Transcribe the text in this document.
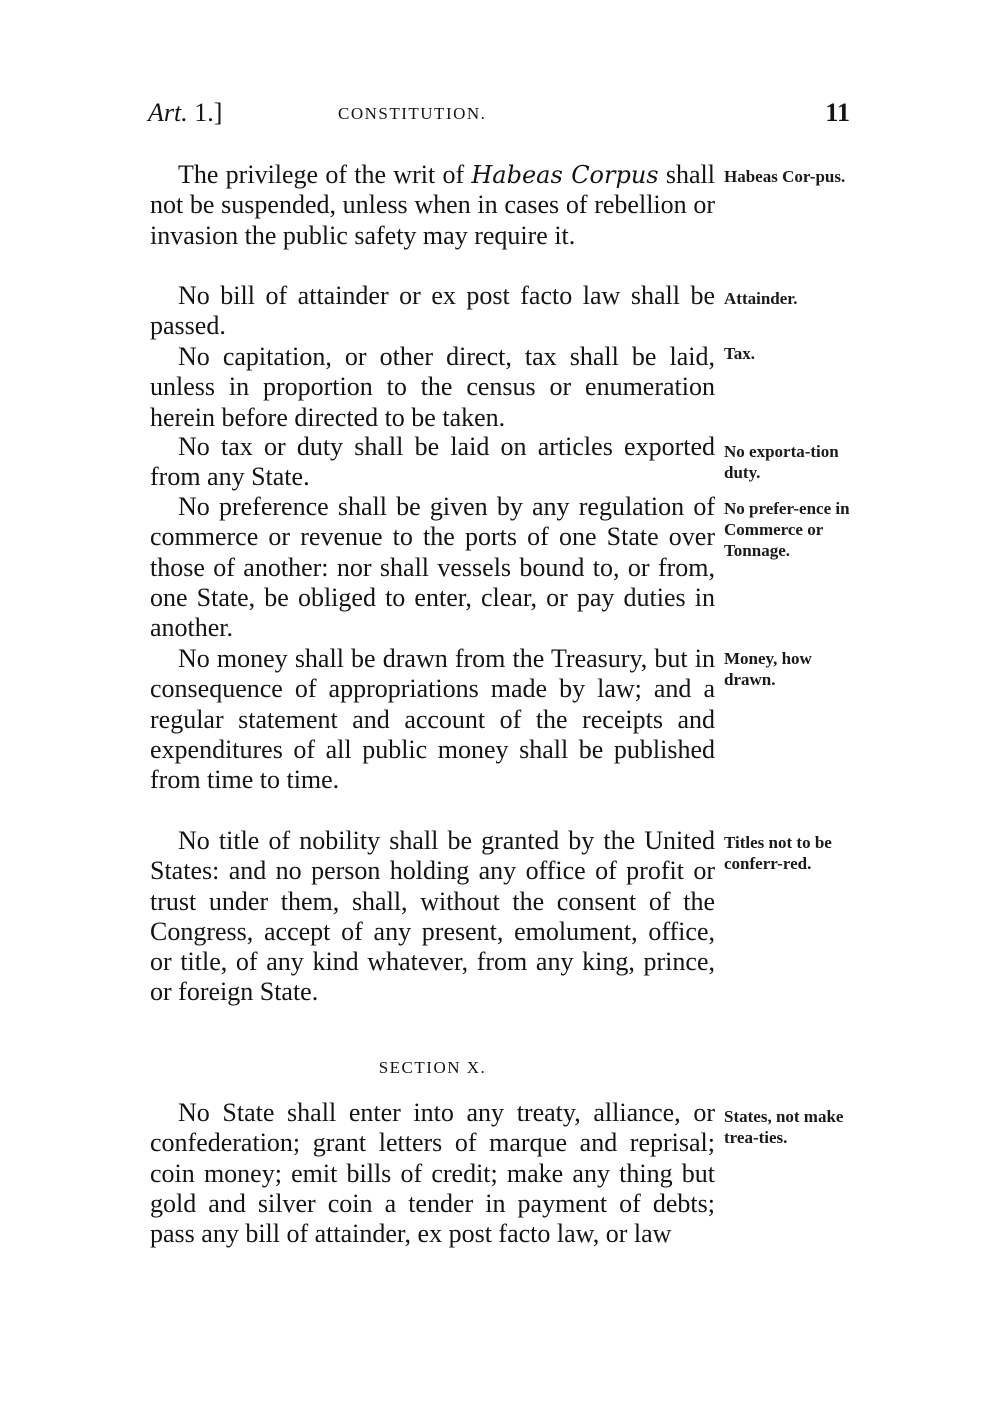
Art. 1.]	CONSTITUTION.	11

The privilege of the writ of Habeas Corpus shall not be suspended, unless when in cases of rebellion or invasion the public safety may require it.

Habeas Cor-pus.

No bill of attainder or ex post facto law shall be passed.

Attainder.

No capitation, or other direct, tax shall be laid, unless in proportion to the census or enumeration herein before directed to be taken.

Tax.

No tax or duty shall be laid on articles exported from any State.

No exporta-tion duty.

No preference shall be given by any regulation of commerce or revenue to the ports of one State over those of another: nor shall vessels bound to, or from, one State, be obliged to enter, clear, or pay duties in another.

No prefer-ence in Commerce or Tonnage.

No money shall be drawn from the Treasury, but in consequence of appropriations made by law; and a regular statement and account of the receipts and expenditures of all public money shall be published from time to time.

Money, how drawn.

No title of nobility shall be granted by the United States: and no person holding any office of profit or trust under them, shall, without the consent of the Congress, accept of any present, emolument, office, or title, of any kind whatever, from any king, prince, or foreign State.

Titles not to be conferr-red.

SECTION X.

No State shall enter into any treaty, alliance, or confederation; grant letters of marque and reprisal; coin money; emit bills of credit; make any thing but gold and silver coin a tender in payment of debts; pass any bill of attainder, ex post facto law, or law

States, not make trea-ties.
